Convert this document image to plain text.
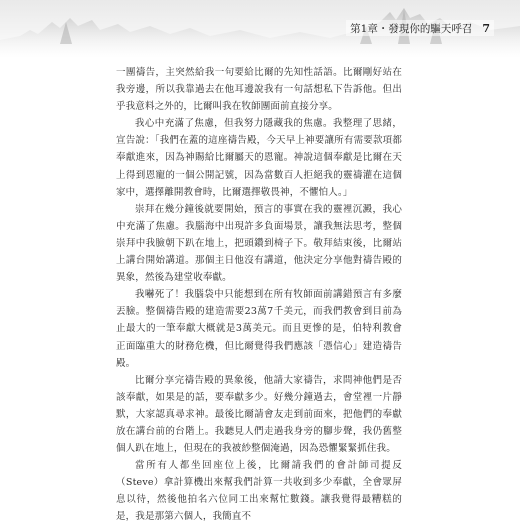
第1章・發現你的驅天呼召 7

一團禱告，主突然給我一句要給比爾的先知性話語。比爾剛好站在我旁邊，所以我靠過去在他耳邊說我有一句話想私下告訴他。但出乎我意料之外的，比爾叫我在牧師團面前直接分享。

我心中充滿了焦慮，但我努力隱藏我的焦慮。我整理了思緒，宣告說：「我們在蓋的這座禱告殿，今天早上神要讓所有需要款項都奉獻進來，因為神賜給比爾屬天的恩寵。神說這個奉獻是比爾在天上得到恩寵的一個公開記號，因為當數百人拒絕我的靈禱灌在這個家中，選擇離開教會時，比爾選擇敬畏神，不懼怕人。」

崇拜在幾分鐘後就要開始，預言的事實在我的靈裡沉澱，我心中充滿了焦慮。我腦海中出現許多負面場景，讓我無法思考，整個崇拜中我臉朝下趴在地上，把頭鑽到椅子下。敬拜結束後，比爾站上講台開始講道。那個主日他沒有講道，他決定分享他對禱告殿的異象，然後為建堂收奉獻。

我嚇死了！我腦袋中只能想到在所有牧師面前講錯預言有多麼丟臉。整個禱告殿的建造需要23萬7千美元，而我們教會到目前為止最大的一筆奉獻大概就是3萬美元。而且更慘的是，伯特利教會正面臨重大的財務危機，但比爾覺得我們應該「憑信心」建造禱告殿。

比爾分享完禱告殿的異象後，他請大家禱告，求問神他們是否該奉獻，如果是的話，要奉獻多少。好幾分鐘過去，會堂裡一片靜默，大家認真尋求神。最後比爾請會友走到前面來，把他們的奉獻放在講台前的台階上。我聽見人們走過我身旁的腳步聲，我仍舊整個人趴在地上，但現在的我被紗整個淹過，因為恐懼緊緊抓住我。

當所有人都坐回座位上後，比爾請我們的會計師司提反（Steve）拿計算機出來幫我們計算一共收到多少奉獻，全會眾屏息以待，然後他拍名六位同工出來幫忙數錢。讓我覺得最糟糕的是，我是那第六個人，我簡直不
